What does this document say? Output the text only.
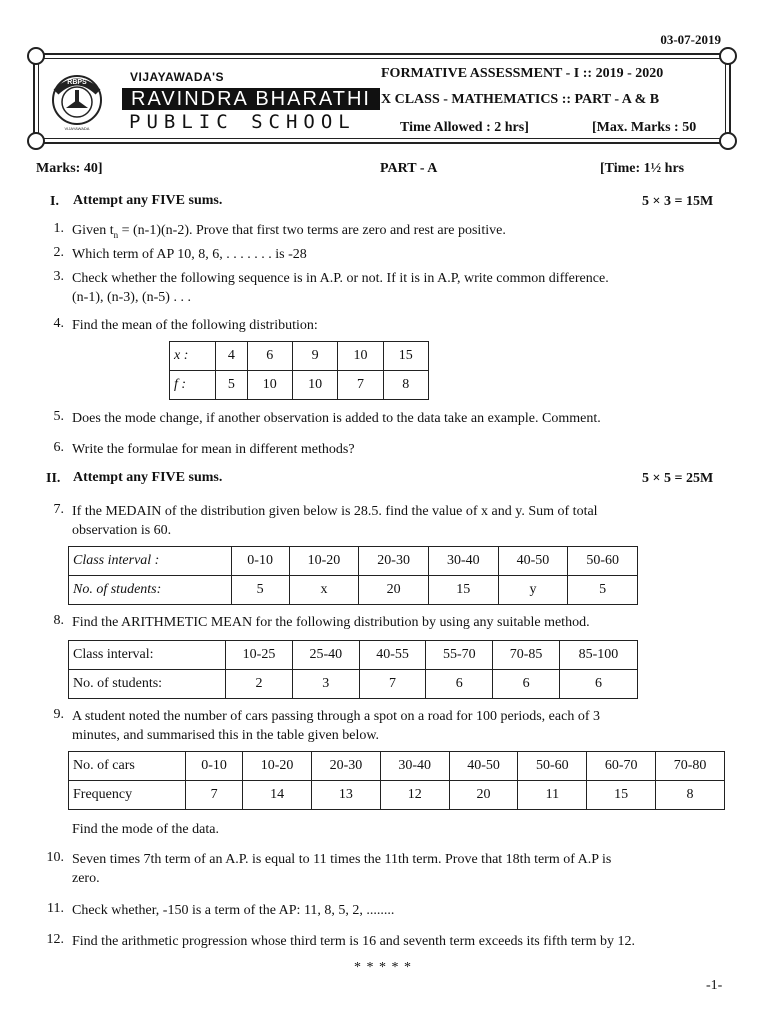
03-07-2019
RBPS
VIJAYAWADA
VIJAYAWADA'S
RAVINDRA BHARATHI
PUBLIC SCHOOL
FORMATIVE ASSESSMENT - I :: 2019 - 2020
X CLASS - MATHEMATICS :: PART - A & B
Time Allowed : 2 hrs]	[Max. Marks : 50
Marks: 40]	PART - A	[Time: 1½ hrs
I. Attempt any FIVE sums.	5 × 3 = 15M
1. Given $t_n = (n-1)(n-2)$. Prove that first two terms are zero and rest are positive.
2. Which term of AP 10, 8, 6, . . . . . . . is -28
3. Check whether the following sequence is in A.P. or not. If it is in A.P, write common difference.
(n-1), (n-3), (n-5) . . .
4. Find the mean of the following distribution:
x :	4	6	9	10	15
f :	5	10	10	7	8
5. Does the mode change, if another observation is added to the data take an example. Comment.
6. Write the formulae for mean in different methods?
II. Attempt any FIVE sums.	5 × 5 = 25M
7. If the MEDAIN of the distribution given below is 28.5. find the value of x and y. Sum of total
observation is 60.
Class interval :	0-10	10-20	20-30	30-40	40-50	50-60
No. of students:	5	x	20	15	y	5
8. Find the ARITHMETIC MEAN for the following distribution by using any suitable method.
Class interval:	10-25	25-40	40-55	55-70	70-85	85-100
No. of students:	2	3	7	6	6	6
9. A student noted the number of cars passing through a spot on a road for 100 periods, each of 3
minutes, and summarised this in the table given below.
No. of cars	0-10	10-20	20-30	30-40	40-50	50-60	60-70	70-80
Frequency	7	14	13	12	20	11	15	8
Find the mode of the data.
10. Seven times 7th term of an A.P. is equal to 11 times the 11th term. Prove that 18th term of A.P is
zero.
11. Check whether, -150 is a term of the AP: 11, 8, 5, 2, ........
12. Find the arithmetic progression whose third term is 16 and seventh term exceeds its fifth term by 12.
* * * * *
-1-
